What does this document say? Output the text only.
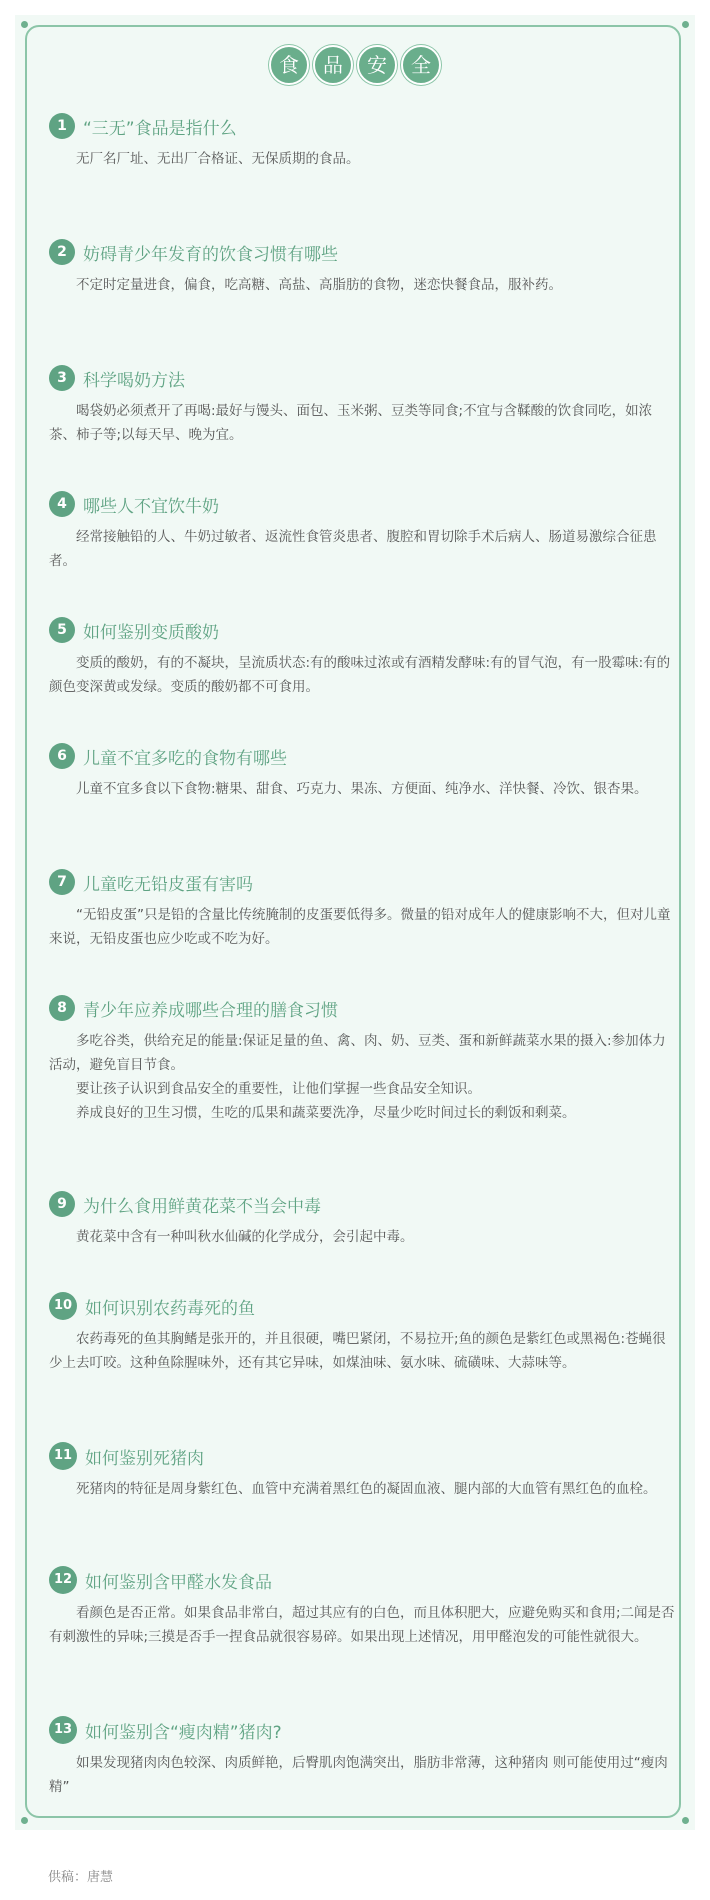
食 品 安 全
1 “三无”食品是指什么

无厂名厂址、无出厂合格证、无保质期的食品。

2 妨碍青少年发育的饮食习惯有哪些

不定时定量进食，偏食，吃高糖、高盐、高脂肪的食物，迷恋快餐食品，服补药。

3 科学喝奶方法

喝袋奶必须煮开了再喝:最好与馒头、面包、玉米粥、豆类等同食;不宜与含鞣酸的饮食同吃，如浓茶、柿子等;以每天早、晚为宜。

4 哪些人不宜饮牛奶

经常接触铅的人、牛奶过敏者、返流性食管炎患者、腹腔和胃切除手术后病人、肠道易激综合征患者。

5 如何鉴别变质酸奶

变质的酸奶，有的不凝块，呈流质状态:有的酸味过浓或有酒精发酵味:有的冒气泡，有一股霉味:有的颜色变深黄或发绿。变质的酸奶都不可食用。

6 儿童不宜多吃的食物有哪些

儿童不宜多食以下食物:糖果、甜食、巧克力、果冻、方便面、纯净水、洋快餐、冷饮、银杏果。

7 儿童吃无铅皮蛋有害吗

“无铅皮蛋”只是铅的含量比传统腌制的皮蛋要低得多。微量的铅对成年人的健康影响不大，但对儿童来说，无铅皮蛋也应少吃或不吃为好。

8 青少年应养成哪些合理的膳食习惯

多吃谷类，供给充足的能量:保证足量的鱼、禽、肉、奶、豆类、蛋和新鲜蔬菜水果的摄入:参加体力活动，避免盲目节食。

要让孩子认识到食品安全的重要性，让他们掌握一些食品安全知识。

养成良好的卫生习惯，生吃的瓜果和蔬菜要洗净，尽量少吃时间过长的剩饭和剩菜。

9 为什么食用鲜黄花菜不当会中毒

黄花菜中含有一种叫秋水仙碱的化学成分，会引起中毒。

10 如何识别农药毒死的鱼

农药毒死的鱼其胸鳍是张开的，并且很硬，嘴巴紧闭，不易拉开;鱼的颜色是紫红色或黑褐色:苍蝇很少上去叮咬。这种鱼除腥味外，还有其它异味，如煤油味、氨水味、硫磺味、大蒜味等。

11 如何鉴别死猪肉

死猪肉的特征是周身紫红色、血管中充满着黑红色的凝固血液、腿内部的大血管有黑红色的血栓。

12 如何鉴别含甲醛水发食品

看颜色是否正常。如果食品非常白，超过其应有的白色，而且体积肥大，应避免购买和食用;二闻是否有刺激性的异味;三摸是否手一捏食品就很容易碎。如果出现上述情况，用甲醛泡发的可能性就很大。

13 如何鉴别含“瘦肉精”猪肉?

如果发现猪肉肉色较深、肉质鲜艳，后臀肌肉饱满突出，脂肪非常薄，这种猪肉 则可能使用过“瘦肉精”

供稿：唐慧
